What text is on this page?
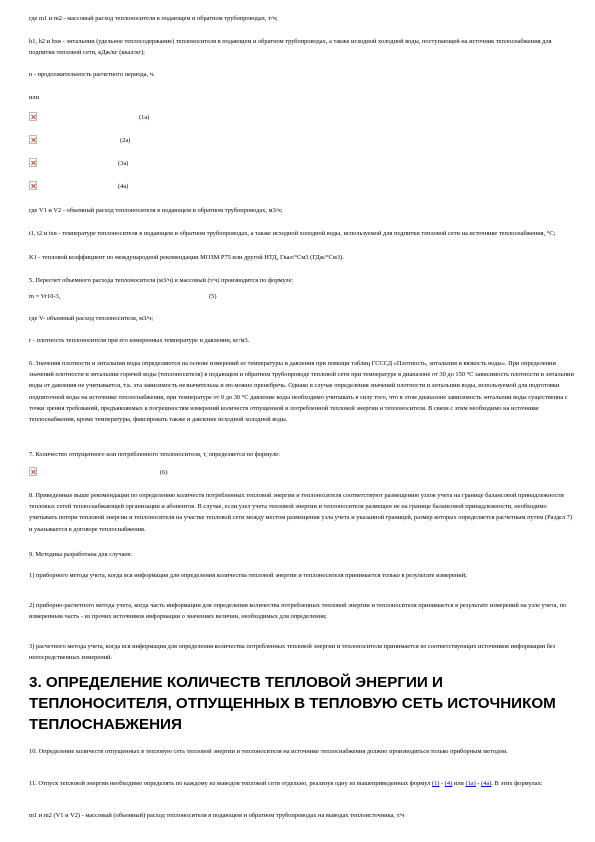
где m1 и m2 - массовый расход теплоносителя в подающем и обратном трубопроводах, т/ч;

h1, h2 и hxв - энтальпии (удельное теплосодержание) теплоносителя в подающем и обратном трубопроводах, а также исходной холодной воды, поступающей на источник теплоснабжения для подпитки тепловой сети, кДж/кг (ккал/кг);

n - продолжительность расчетного периода, ч.

или

(1a)
(2a)
(3a)
(4a)

где V1 и V2 - объемный расход теплоносителя в подающем и обратном трубопроводах, м3/ч;

t1, t2 и txв - температуре теплоносителя в подающем и обратном трубопроводах, а также исходной холодной воды, используемой для подпитки тепловой сети на источнике теплоснабжения, °С;

K1 - тепловой коэффициент по международной рекомендации МОЗМ Р75 или другой НТД, Гкал/°См3 (ГДж/°См3).

5. Пересчет объемного расхода теплоносителя (м3/ч) в массовый (т/ч) производится по формуле:

m = Vr10-3,	(5)

где V- объемный расход теплоносителя, м3/ч;

r - плотность теплоносителя при его измеренных температуре и давлении, кг/м3.

6. Значения плотности и энтальпии воды определяются на основе измерений ее температуры и давления при помощи таблиц ГСССД «Плотность, энтальпия и вязкость воды». При определении значений плотности и энтальпии горячей воды (теплоносителя) в подающем и обратном трубопроводе тепловой сети при температуре в диапазоне от 30 до 150 °С зависимость плотности и энтальпии воды от давления не учитывается, т.к. эта зависимость незначительна и ею можно пренебречь. Однако в случае определения значений плотности и энтальпии воды, используемой для подготовки подпиточной воды на источнике теплоснабжения, при температуре от 0 до 30 °С давление воды необходимо учитывать в силу того, что в этом диапазоне зависимость энтальпии воды существенна с точки зрения требований, предъявляемых к погрешностям измерений количеств отпущенной и потребленной тепловой энергии и теплоносителя. В связи с этим необходимо на источнике теплоснабжения, кроме температуры, фиксировать также и давление исходной холодной воды.

7. Количество отпущенного или потребленного теплоносителя, т, определяется по формуле:

(6)

8. Приведенные выше рекомендации по определению количеств потребленных тепловой энергии и теплоносителя соответствуют размещению узлов учета на границе балансовой принадлежности тепловых сетей теплоснабжающей организации и абонентов. В случае, если узел учета тепловой энергии и теплоносителя размещен не на границе балансовой принадлежности, необходимо учитывать потери тепловой энергии и теплоносителя на участке тепловой сети между местом размещения узла учета и указанной границей, размер которых определяется расчетным путем (Раздел 7) и указывается в договоре теплоснабжения.

9. Методика разработана для случаев:

1) приборного метода учета, когда вся информация для определения количества тепловой энергии и теплоносителя принимается только в результате измерений;

2) приборно-расчетного метода учета, когда часть информации для определения количества потребленных тепловой энергии и теплоносителя принимается в результате измерений на узле учета, по измеренным часть - из прочих источников информации о значениях величин, необходимых для определения;

3) расчетного метода учета, когда вся информация для определения количества потребленных тепловой энергии и теплоносителя принимается из соответствующих источников информации без непосредственных измерений.

3. ОПРЕДЕЛЕНИЕ КОЛИЧЕСТВ ТЕПЛОВОЙ ЭНЕРГИИ И ТЕПЛОНОСИТЕЛЯ, ОТПУЩЕННЫХ В ТЕПЛОВУЮ СЕТЬ ИСТОЧНИКОМ ТЕПЛОСНАБЖЕНИЯ

10. Определение количеств отпущенных в тепловую сеть тепловой энергии и теплоносителя на источнике теплоснабжения должно производиться только приборным методом.

11. Отпуск тепловой энергии необходимо определять по каждому из выводов тепловой сети отдельно, реализуя одну из вышеприведенных формул (1) - (4) или (1a) - (4a). В этих формулах:

m1 и m2 (V1 и V2) - массовый (объемный) расход теплоносителя в подающем и обратном трубопроводах на выводах теплоисточника, т/ч
